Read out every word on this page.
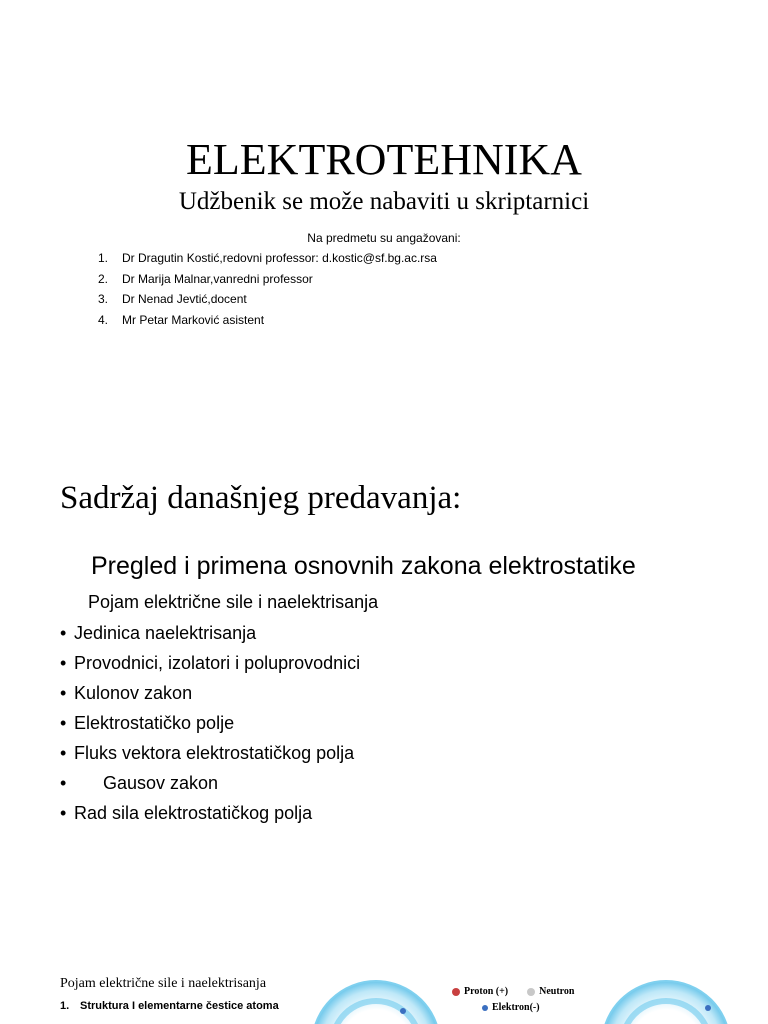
ELEKTROTEHNIKA
Udžbenik se može nabaviti u skriptarnici
Na predmetu su angažovani:
1. Dr Dragutin Kostić,redovni professor: d.kostic@sf.bg.ac.rsa
2. Dr Marija Malnar,vanredni professor
3. Dr Nenad Jevtić,docent
4. Mr Petar Marković asistent
Sadržaj današnjeg predavanja:
Pregled i primena osnovnih zakona elektrostatike
Pojam električne sile i naelektrisanja
• Jedinica naelektrisanja
• Provodnici, izolatori i poluprovodnici
• Kulonov zakon
• Elektrostatičko polje
• Fluks vektora elektrostatičkog polja
• Gausov zakon
• Rad sila elektrostatičkog polja
Pojam električne sile i naelektrisanja
1. Struktura I elementarne čestice atoma
Proton (+)	Neutron
Elektron(-)
